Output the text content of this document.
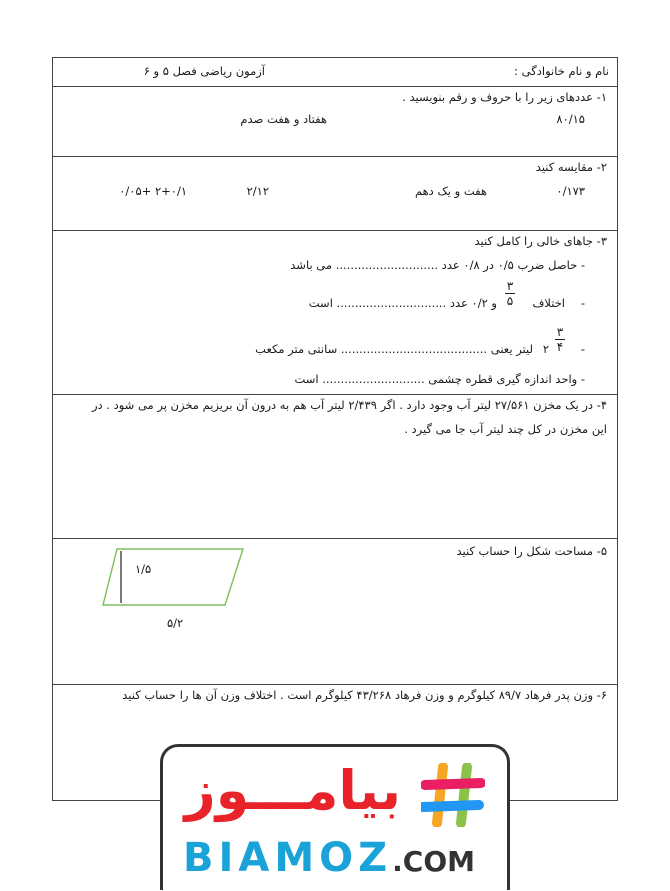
نام و نام خانوادگی :
آزمون ریاضی فصل ۵ و ۶
۱- عددهای زیر را با حروف و رقم بنویسید .
۸۰/۱۵
هفتاد و هفت صدم
۲- مقایسه کنید
۰/۱۷۳
هفت و یک دهم
۲/۱۲
۲+۰/۱ +۰/۰۵
۳- جاهای خالی را کامل کنید
- حاصل ضرب ۰/۵ در ۰/۸ عدد ............................ می باشد
-
اختلاف
۳
۵
و ۰/۲ عدد .............................. است
-
۳
۴
۲
لیتر یعنی ........................................ سانتی متر مکعب
- واحد اندازه گیری قطره چشمی ............................ است
۴- در یک مخزن ۲۷/۵۶۱ لیتر آب وجود دارد . اگر ۲/۴۳۹ لیتر آب هم به درون آن بریزیم مخزن پر می شود . در
این مخزن در کل چند لیتر آب جا می گیرد .
۵- مساحت شکل را حساب کنید
۱/۵
۵/۲
۶- وزن پدر فرهاد ۸۹/۷ کیلوگرم و وزن فرهاد ۴۳/۲۶۸ کیلوگرم است . اختلاف وزن آن ها را حساب کنید
بیامـــوز
BIAMOZ.COM
